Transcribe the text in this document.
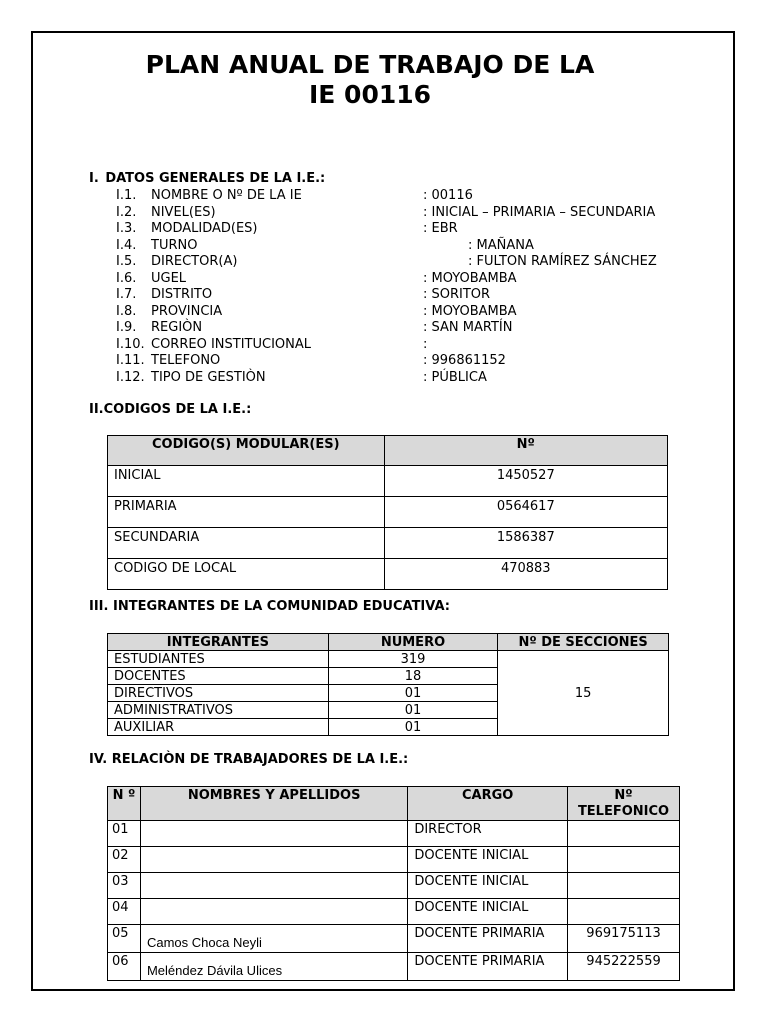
PLAN ANUAL DE TRABAJO DE LA IE 00116
I. DATOS GENERALES DE LA I.E.:
I.1. NOMBRE O Nº DE LA IE	: 00116
I.2. NIVEL(ES)	: INICIAL – PRIMARIA – SECUNDARIA
I.3. MODALIDAD(ES)	: EBR
I.4. TURNO	: MAÑANA
I.5. DIRECTOR(A)	: FULTON RAMÍREZ SÁNCHEZ
I.6. UGEL	: MOYOBAMBA
I.7. DISTRITO	: SORITOR
I.8. PROVINCIA	: MOYOBAMBA
I.9. REGIÒN	: SAN MARTÍN
I.10. CORREO INSTITUCIONAL	:
I.11. TELEFONO	: 996861152
I.12. TIPO DE GESTIÒN	: PÚBLICA
II.CODIGOS DE LA I.E.:
CODIGO(S) MODULAR(ES)	Nº
INICIAL	1450527
PRIMARIA	0564617
SECUNDARIA	1586387
CODIGO DE LOCAL	470883
III. INTEGRANTES DE LA COMUNIDAD EDUCATIVA:
INTEGRANTES	NUMERO	Nº DE SECCIONES
ESTUDIANTES	319	15
DOCENTES	18	
DIRECTIVOS	01	
ADMINISTRATIVOS	01	
AUXILIAR	01	
IV. RELACIÒN DE TRABAJADORES DE LA I.E.:
N º	NOMBRES Y APELLIDOS	CARGO	Nº TELEFONICO
01		DIRECTOR	
02		DOCENTE INICIAL	
03		DOCENTE INICIAL	
04		DOCENTE INICIAL	
05	Camos Choca Neyli	DOCENTE PRIMARIA	969175113
06	Meléndez Dávila Ulices	DOCENTE PRIMARIA	945222559
